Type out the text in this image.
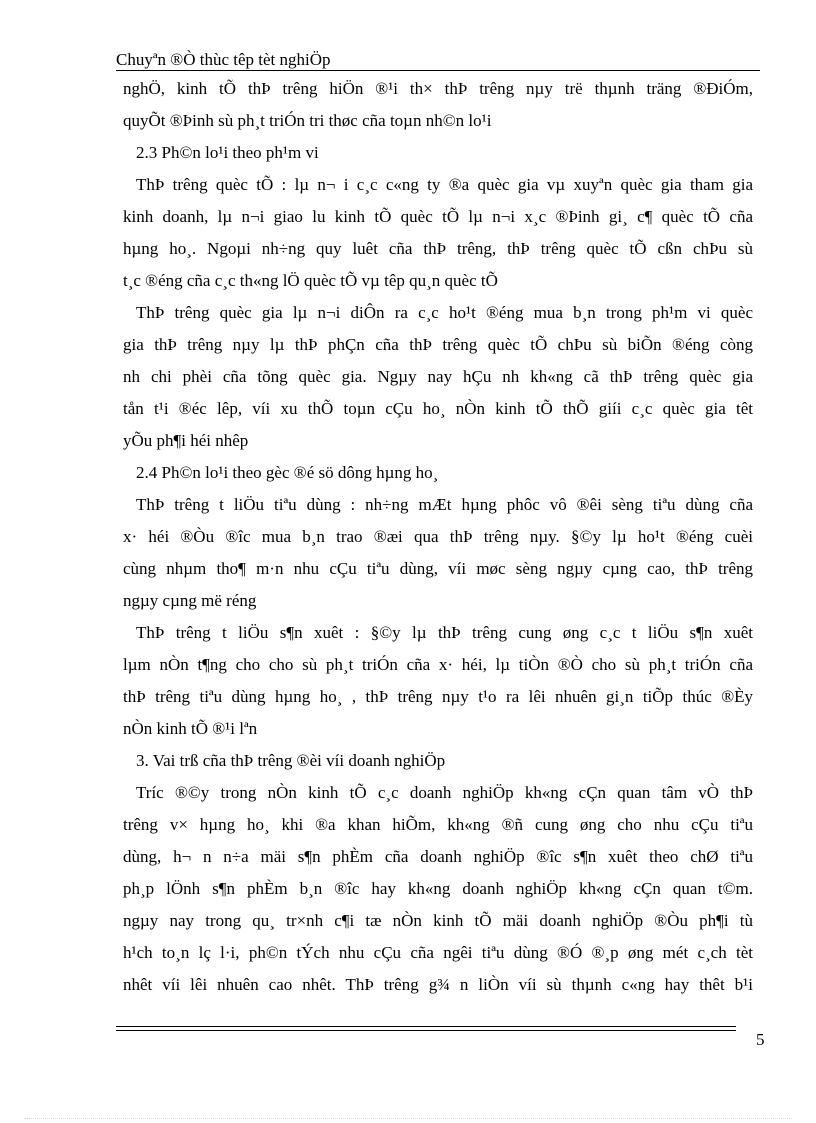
Chuyªn ®Ò thùc têp tèt nghiÖp
nghÖ, kinh tÕ thÞ trêng hiÖn ®¹i th× thÞ trêng nµy trë thµnh träng ®ÐiÓm,
quyÕt ®Þinh sù ph¸t triÓn tri thøc cña toµn nh©n lo¹i
2.3 Ph©n lo¹i theo ph¹m vi
ThÞ trêng quèc tÕ : lµ n¬ i c¸c c«ng ty ®a quèc gia vµ xuyªn quèc gia tham gia
kinh doanh, lµ n¬i giao lu kinh tÕ quèc tÕ lµ n¬i x¸c ®Þinh gi¸ c¶ quèc tÕ cña
hµng ho¸. Ngoµi nh÷ng quy luêt cña thÞ trêng, thÞ trêng quèc tÕ cßn chÞu sù
t¸c ®éng cña c¸c th«ng lÖ quèc tÕ vµ têp qu¸n quèc tÕ
ThÞ trêng quèc gia lµ n¬i diÔn ra c¸c ho¹t ®éng mua b¸n trong ph¹m vi quèc
gia thÞ trêng nµy lµ thÞ phÇn cña thÞ trêng quèc tÕ chÞu sù biÕn ®éng còng
nh chi phèi cña tõng quèc gia. Ngµy nay hÇu nh kh«ng cã thÞ trêng quèc gia
tån t¹i ®éc lêp, víi xu thÕ toµn cÇu ho¸ nÒn kinh tÕ thÕ giíi c¸c quèc gia têt
yÕu ph¶i héi nhêp
2.4 Ph©n lo¹i theo gèc ®é sö dông hµng ho¸
ThÞ trêng t liÖu tiªu dùng : nh÷ng mÆt hµng phôc vô ®êi sèng tiªu dùng cña
x· héi ®Òu ®îc mua b¸n trao ®æi qua thÞ trêng nµy. §©y lµ ho¹t ®éng cuèi
cùng nhµm tho¶ m·n nhu cÇu tiªu dùng, víi møc sèng ngµy cµng cao, thÞ trêng
ngµy cµng më réng
ThÞ trêng t liÖu s¶n xuêt : §©y lµ thÞ trêng cung øng c¸c t liÖu s¶n xuêt
lµm nÒn t¶ng cho cho sù ph¸t triÓn cña x· héi, lµ tiÒn ®Ò cho sù ph¸t triÓn cña
thÞ trêng tiªu dùng hµng ho¸ , thÞ trêng nµy t¹o ra lêi nhuên gi¸n tiÕp thúc ®Èy
nÒn kinh tÕ ®¹i lªn
3. Vai trß cña thÞ trêng ®èi víi doanh nghiÖp
Tríc ®©y trong nÒn kinh tÕ c¸c doanh nghiÖp kh«ng cÇn quan tâm vÒ thÞ
trêng v× hµng ho¸ khi ®a khan hiÕm, kh«ng ®ñ cung øng cho nhu cÇu tiªu
dùng, h¬ n n÷a mäi s¶n phÈm cña doanh nghiÖp ®îc s¶n xuêt theo chØ tiªu
ph¸p lÖnh s¶n phÈm b¸n ®îc hay kh«ng doanh nghiÖp kh«ng cÇn quan t©m.
ngµy nay trong qu¸ tr×nh c¶i tæ nÒn kinh tÕ mäi doanh nghiÖp ®Òu ph¶i tù
h¹ch to¸n lç l·i, ph©n tÝch nhu cÇu cña ngêi tiªu dùng ®Ó ®¸p øng mét c¸ch tèt
nhêt víi lêi nhuên cao nhêt. ThÞ trêng g¾ n liÒn víi sù thµnh c«ng hay thêt b¹i
5
